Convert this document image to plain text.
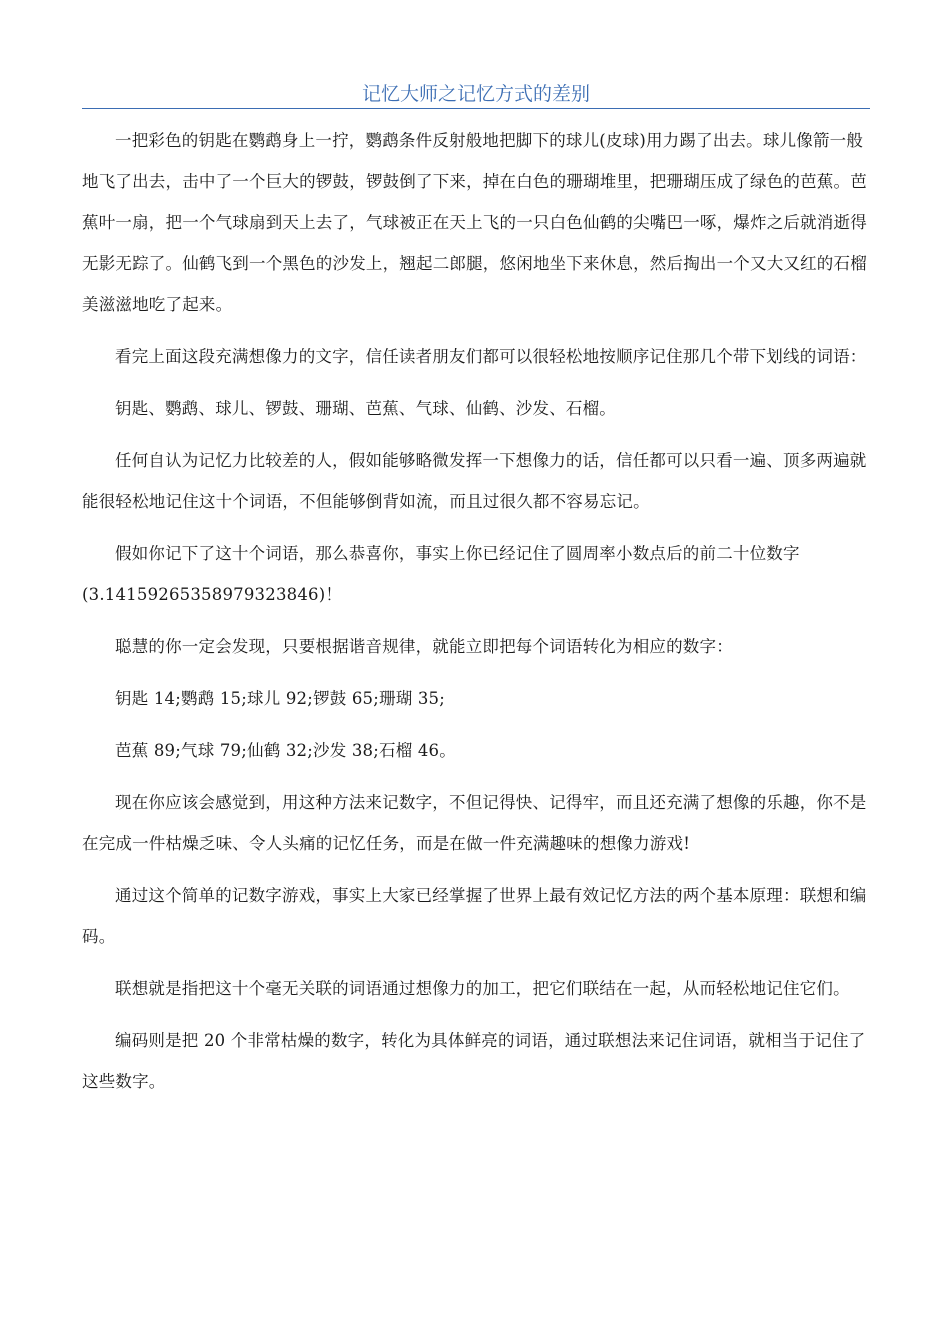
记忆大师之记忆方式的差别

一把彩色的钥匙在鹦鹉身上一拧，鹦鹉条件反射般地把脚下的球儿(皮球)用力踢了出去。球儿像箭一般地飞了出去，击中了一个巨大的锣鼓，锣鼓倒了下来，掉在白色的珊瑚堆里，把珊瑚压成了绿色的芭蕉。芭蕉叶一扇，把一个气球扇到天上去了，气球被正在天上飞的一只白色仙鹤的尖嘴巴一啄，爆炸之后就消逝得无影无踪了。仙鹤飞到一个黑色的沙发上，翘起二郎腿，悠闲地坐下来休息，然后掏出一个又大又红的石榴美滋滋地吃了起来。

看完上面这段充满想像力的文字，信任读者朋友们都可以很轻松地按顺序记住那几个带下划线的词语：

钥匙、鹦鹉、球儿、锣鼓、珊瑚、芭蕉、气球、仙鹤、沙发、石榴。

任何自认为记忆力比较差的人，假如能够略微发挥一下想像力的话，信任都可以只看一遍、顶多两遍就能很轻松地记住这十个词语，不但能够倒背如流，而且过很久都不容易忘记。

假如你记下了这十个词语，那么恭喜你，事实上你已经记住了圆周率小数点后的前二十位数字(3.14159265358979323846)！

聪慧的你一定会发现，只要根据谐音规律，就能立即把每个词语转化为相应的数字：

钥匙 14;鹦鹉 15;球儿 92;锣鼓 65;珊瑚 35;

芭蕉 89;气球 79;仙鹤 32;沙发 38;石榴 46。

现在你应该会感觉到，用这种方法来记数字，不但记得快、记得牢，而且还充满了想像的乐趣，你不是在完成一件枯燥乏味、令人头痛的记忆任务，而是在做一件充满趣味的想像力游戏!

通过这个简单的记数字游戏，事实上大家已经掌握了世界上最有效记忆方法的两个基本原理：联想和编码。

联想就是指把这十个毫无关联的词语通过想像力的加工，把它们联结在一起，从而轻松地记住它们。

编码则是把 20 个非常枯燥的数字，转化为具体鲜亮的词语，通过联想法来记住词语，就相当于记住了这些数字。
